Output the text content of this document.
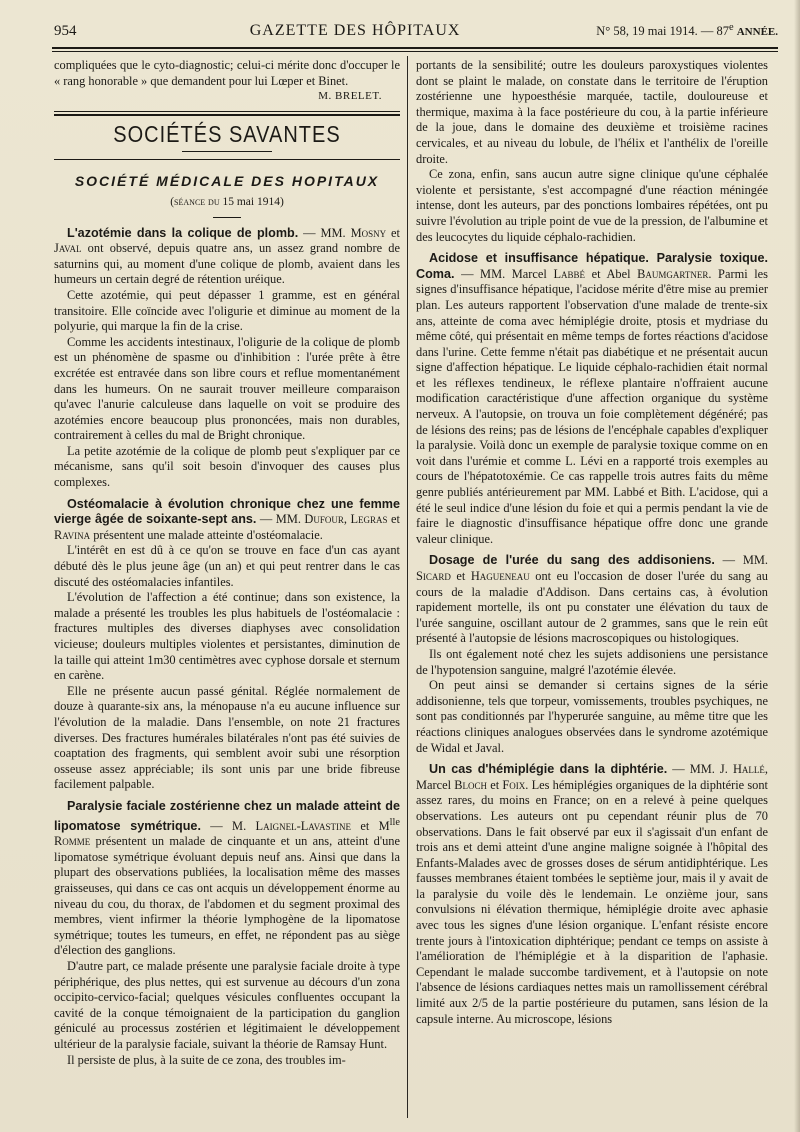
954	GAZETTE DES HÔPITAUX	N° 58, 19 mai 1914. — 87e ANNÉE.

compliquées que le cyto-diagnostic; celui-ci mérite donc d'occuper le « rang honorable » que demandent pour lui Lœper et Binet.

M. BRELET.
SOCIÉTÉS SAVANTES
SOCIÉTÉ MÉDICALE DES HOPITAUX
(séance du 15 mai 1914)

L'azotémie dans la colique de plomb. — MM. Mosny et Javal ont observé, depuis quatre ans, un assez grand nombre de saturnins qui, au moment d'une colique de plomb, avaient dans les humeurs un certain degré de rétention uréique.

Cette azotémie, qui peut dépasser 1 gramme, est en général transitoire. Elle coïncide avec l'oligurie et diminue au moment de la polyurie, qui marque la fin de la crise.

Comme les accidents intestinaux, l'oligurie de la colique de plomb est un phénomène de spasme ou d'inhibition : l'urée prête à être excrétée est entravée dans son libre cours et reflue momentanément dans les humeurs. On ne saurait trouver meilleure comparaison qu'avec l'anurie calculeuse dans laquelle on voit se produire des azotémies encore beaucoup plus prononcées, mais non durables, contrairement à celles du mal de Bright chronique.

La petite azotémie de la colique de plomb peut s'expliquer par ce mécanisme, sans qu'il soit besoin d'invoquer des causes plus complexes.

Ostéomalacie à évolution chronique chez une femme vierge âgée de soixante-sept ans. — MM. Dufour, Legras et Ravina présentent une malade atteinte d'ostéomalacie.

L'intérêt en est dû à ce qu'on se trouve en face d'un cas ayant débuté dès le plus jeune âge (un an) et qui peut rentrer dans le cas discuté des ostéomalacies infantiles.

L'évolution de l'affection a été continue; dans son existence, la malade a présenté les troubles les plus habituels de l'ostéomalacie : fractures multiples des diverses diaphyses avec consolidation vicieuse; douleurs multiples violentes et persistantes, diminution de la taille qui atteint 1m30 centimètres avec cyphose dorsale et sternum en carène.

Elle ne présente aucun passé génital. Réglée normalement de douze à quarante-six ans, la ménopause n'a eu aucune influence sur l'évolution de la maladie. Dans l'ensemble, on note 21 fractures diverses. Des fractures humérales bilatérales n'ont pas été suivies de coaptation des fragments, qui semblent avoir subi une résorption osseuse assez appréciable; ils sont unis par une bride fibreuse facilement palpable.

Paralysie faciale zostérienne chez un malade atteint de lipomatose symétrique. — M. Laignel-Lavastine et $M^{lle}$ Romme présentent un malade de cinquante et un ans, atteint d'une lipomatose symétrique évoluant depuis neuf ans. Ainsi que dans la plupart des observations publiées, la localisation même des masses graisseuses, qui dans ce cas ont acquis un développement énorme au niveau du cou, du thorax, de l'abdomen et du segment proximal des membres, vient infirmer la théorie lymphogène de la lipomatose symétrique; toutes les tumeurs, en effet, ne répondent pas au siège d'élection des ganglions.

D'autre part, ce malade présente une paralysie faciale droite à type périphérique, des plus nettes, qui est survenue au décours d'un zona occipito-cervico-facial; quelques vésicules confluentes occupant la cavité de la conque témoignaient de la participation du ganglion géniculé au processus zostérien et légitimaient le développement ultérieur de la paralysie faciale, suivant la théorie de Ramsay Hunt.

Il persiste de plus, à la suite de ce zona, des troubles im-

portants de la sensibilité; outre les douleurs paroxystiques violentes dont se plaint le malade, on constate dans le territoire de l'éruption zostérienne une hypoesthésie marquée, tactile, douloureuse et thermique, maxima à la face postérieure du cou, à la partie inférieure de la joue, dans le domaine des deuxième et troisième racines cervicales, et au niveau du lobule, de l'hélix et l'anthélix de l'oreille droite.

Ce zona, enfin, sans aucun autre signe clinique qu'une céphalée violente et persistante, s'est accompagné d'une réaction méningée intense, dont les auteurs, par des ponctions lombaires répétées, ont pu suivre l'évolution au triple point de vue de la pression, de l'albumine et des leucocytes du liquide céphalo-rachidien.

Acidose et insuffisance hépatique. Paralysie toxique. Coma. — MM. Marcel Labbé et Abel Baumgartner. Parmi les signes d'insuffisance hépatique, l'acidose mérite d'être mise au premier plan. Les auteurs rapportent l'observation d'une malade de trente-six ans, atteinte de coma avec hémiplégie droite, ptosis et mydriase du même côté, qui présentait en même temps de fortes réactions d'acidose dans l'urine. Cette femme n'était pas diabétique et ne présentait aucun signe d'affection hépatique. Le liquide céphalo-rachidien était normal et les réflexes tendineux, le réflexe plantaire n'offraient aucune modification caractéristique d'une affection organique du système nerveux. A l'autopsie, on trouva un foie complètement dégénéré; pas de lésions des reins; pas de lésions de l'encéphale capables d'expliquer la paralysie. Voilà donc un exemple de paralysie toxique comme on en voit dans l'urémie et comme L. Lévi en a rapporté trois exemples au cours de l'hépatotoxémie. Ce cas rappelle trois autres faits du même genre publiés antérieurement par MM. Labbé et Bith. L'acidose, qui a été le seul indice d'une lésion du foie et qui a permis pendant la vie de faire le diagnostic d'insuffisance hépatique offre donc une grande valeur clinique.

Dosage de l'urée du sang des addisoniens. — MM. Sicard et Hagueneau ont eu l'occasion de doser l'urée du sang au cours de la maladie d'Addison. Dans certains cas, à évolution rapidement mortelle, ils ont pu constater une élévation du taux de l'urée sanguine, oscillant autour de 2 grammes, sans que le rein eût présenté à l'autopsie de lésions macroscopiques ou histologiques.

Ils ont également noté chez les sujets addisoniens une persistance de l'hypotension sanguine, malgré l'azotémie élevée.

On peut ainsi se demander si certains signes de la série addisonienne, tels que torpeur, vomissements, troubles psychiques, ne sont pas conditionnés par l'hyperurée sanguine, au même titre que les réactions cliniques analogues observées dans le syndrome azotémique de Widal et Javal.

Un cas d'hémiplégie dans la diphtérie. — MM. J. Hallé, Marcel Bloch et Foix. Les hémiplégies organiques de la diphtérie sont assez rares, du moins en France; on en a relevé à peine quelques observations. Les auteurs ont pu cependant réunir plus de 70 observations. Dans le fait observé par eux il s'agissait d'un enfant de trois ans et demi atteint d'une angine maligne soignée à l'hôpital des Enfants-Malades avec de grosses doses de sérum antidiphtérique. Les fausses membranes étaient tombées le septième jour, mais il y avait de la paralysie du voile dès le lendemain. Le onzième jour, sans convulsions ni élévation thermique, hémiplégie droite avec aphasie avec tous les signes d'une lésion organique. L'enfant résiste encore trente jours à l'intoxication diphtérique; pendant ce temps on assiste à l'amélioration de l'hémiplégie et à la disparition de l'aphasie. Cependant le malade succombe tardivement, et à l'autopsie on note l'absence de lésions cardiaques nettes mais un ramollissement cérébral limité aux 2/5 de la partie postérieure du putamen, sans lésion de la capsule interne. Au microscope, lésions
